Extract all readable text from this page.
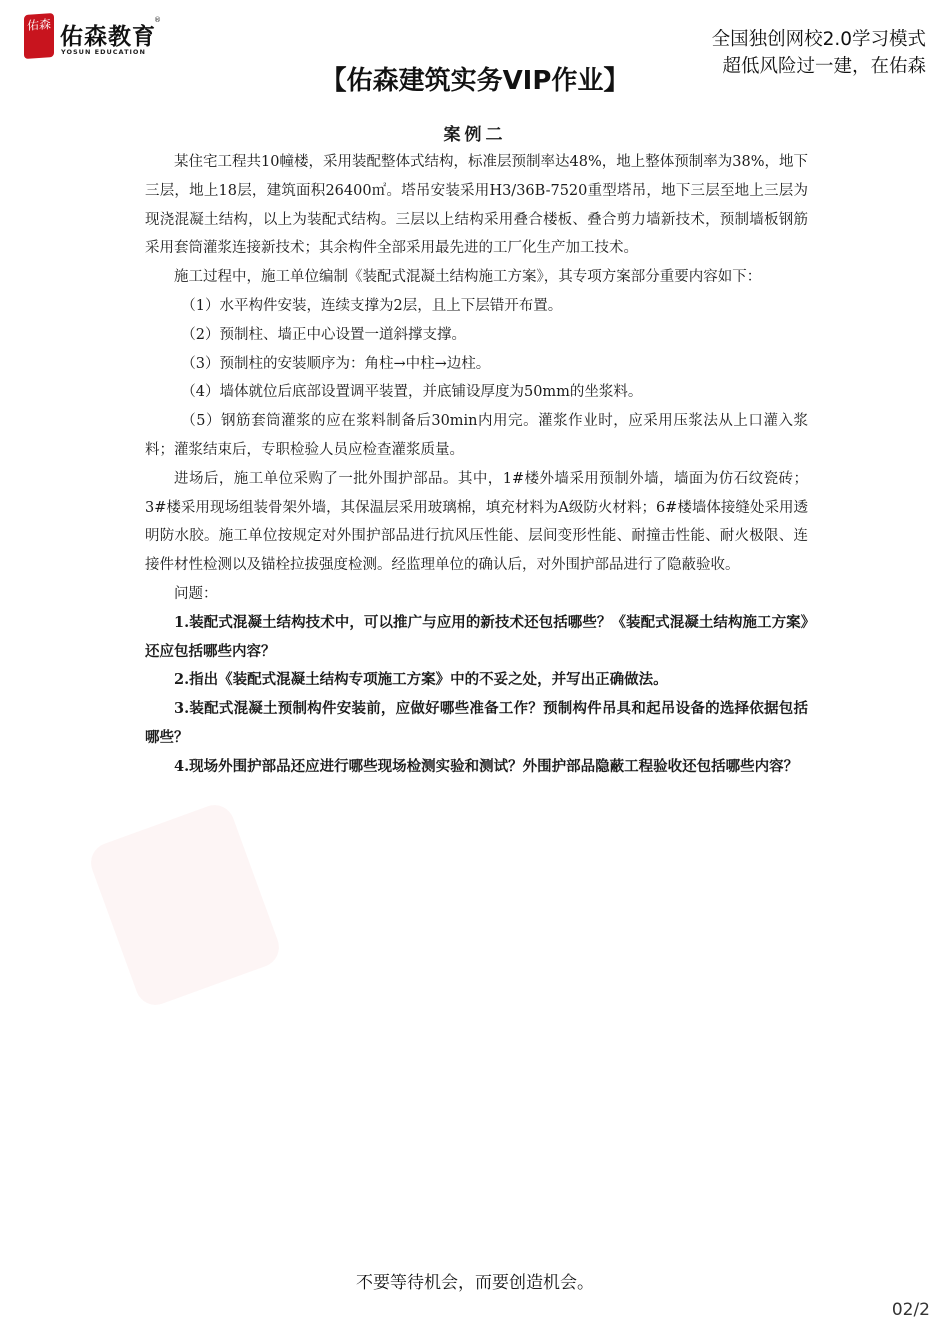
佑森 佑森教育
®
YOSUN EDUCATION
全国独创网校2.0学习模式
超低风险过一建，在佑森
【佑森建筑实务VIP作业】
案例二

某住宅工程共10幢楼，采用装配整体式结构，标准层预制率达48%，地上整体预制率为38%，地下三层，地上18层，建筑面积26400㎡。塔吊安装采用H3/36B-7520重型塔吊，地下三层至地上三层为现浇混凝土结构，以上为装配式结构。三层以上结构采用叠合楼板、叠合剪力墙新技术，预制墙板钢筋采用套筒灌浆连接新技术；其余构件全部采用最先进的工厂化生产加工技术。

施工过程中，施工单位编制《装配式混凝土结构施工方案》，其专项方案部分重要内容如下：

（1）水平构件安装，连续支撑为2层，且上下层错开布置。

（2）预制柱、墙正中心设置一道斜撑支撑。

（3）预制柱的安装顺序为：角柱→中柱→边柱。

（4）墙体就位后底部设置调平装置，并底铺设厚度为50mm的坐浆料。

（5）钢筋套筒灌浆的应在浆料制备后30min内用完。灌浆作业时，应采用压浆法从上口灌入浆料；灌浆结束后，专职检验人员应检查灌浆质量。

进场后，施工单位采购了一批外围护部品。其中，1#楼外墙采用预制外墙，墙面为仿石纹瓷砖；3#楼采用现场组装骨架外墙，其保温层采用玻璃棉，填充材料为A级防火材料；6#楼墙体接缝处采用透明防水胶。施工单位按规定对外围护部品进行抗风压性能、层间变形性能、耐撞击性能、耐火极限、连接件材性检测以及锚栓拉拔强度检测。经监理单位的确认后，对外围护部品进行了隐蔽验收。

问题：

1.装配式混凝土结构技术中，可以推广与应用的新技术还包括哪些？《装配式混凝土结构施工方案》还应包括哪些内容？

2.指出《装配式混凝土结构专项施工方案》中的不妥之处，并写出正确做法。

3.装配式混凝土预制构件安装前，应做好哪些准备工作？预制构件吊具和起吊设备的选择依据包括哪些？

4.现场外围护部品还应进行哪些现场检测实验和测试？外围护部品隐蔽工程验收还包括哪些内容？

不要等待机会，而要创造机会。
02/2
